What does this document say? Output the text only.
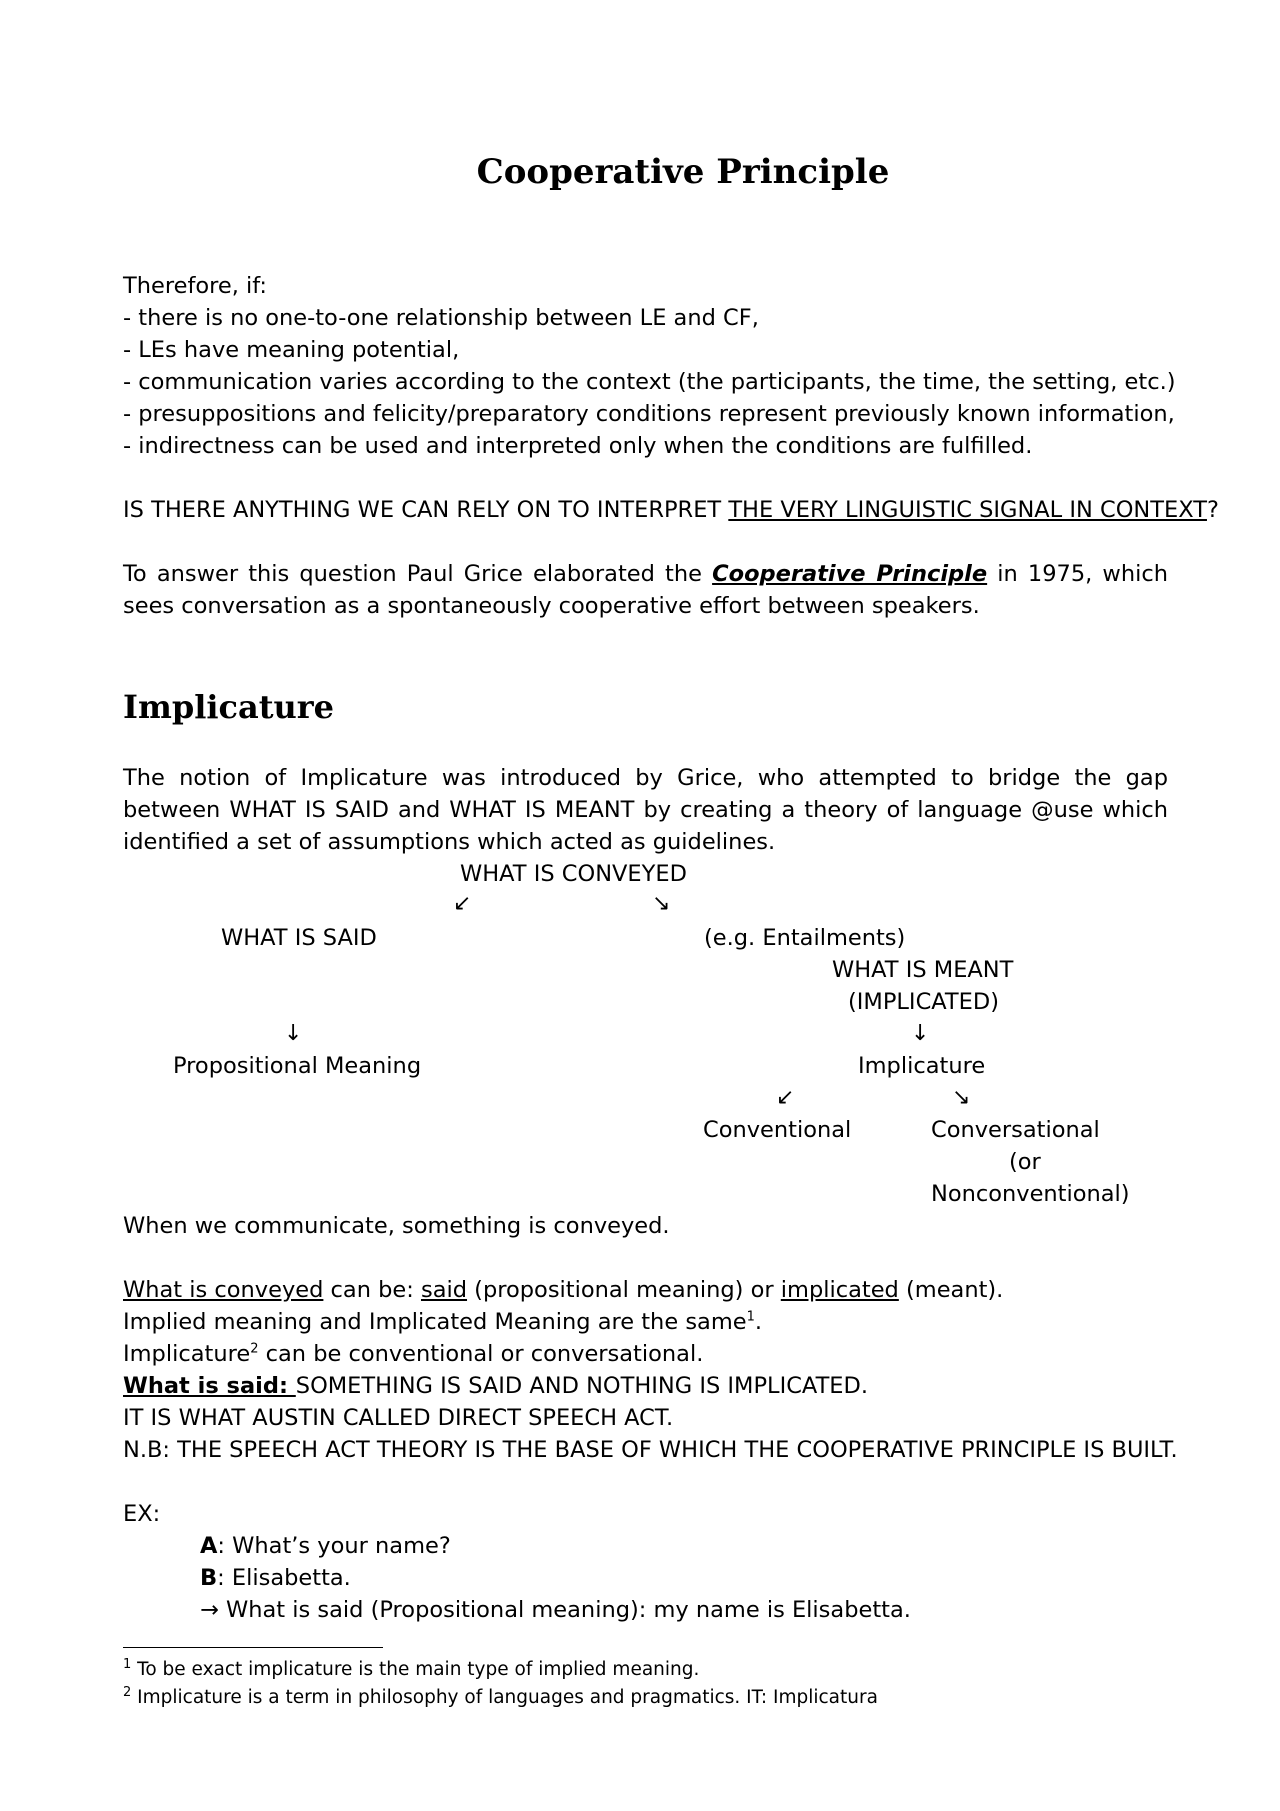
Cooperative Principle
Therefore, if:
- there is no one-to-one relationship between LE and CF,
- LEs have meaning potential,
- communication varies according to the context (the participants, the time, the setting, etc.)
- presuppositions and felicity/preparatory conditions represent previously known information,
- indirectness can be used and interpreted only when the conditions are fulfilled.
IS THERE ANYTHING WE CAN RELY ON TO INTERPRET THE VERY LINGUISTIC SIGNAL IN CONTEXT?
To answer this question Paul Grice elaborated the Cooperative Principle in 1975, which sees conversation as a spontaneously cooperative effort between speakers.
Implicature
The notion of Implicature was introduced by Grice, who attempted to bridge the gap between WHAT IS SAID and WHAT IS MEANT by creating a theory of language @use which identified a set of assumptions which acted as guidelines.
WHAT IS CONVEYED
↙	↘
WHAT IS SAID	(e.g. Entailments)
WHAT IS MEANT
(IMPLICATED)
↓	↓
Propositional Meaning	Implicature
↙	↘
Conventional	Conversational
(or
Nonconventional)
When we communicate, something is conveyed.
What is conveyed can be: said (propositional meaning) or implicated (meant).
Implied meaning and Implicated Meaning are the same$^1$.
Implicature$^2$ can be conventional or conversational.
What is said: SOMETHING IS SAID AND NOTHING IS IMPLICATED.
IT IS WHAT AUSTIN CALLED DIRECT SPEECH ACT.
N.B: THE SPEECH ACT THEORY IS THE BASE OF WHICH THE COOPERATIVE PRINCIPLE IS BUILT.
EX:
A: What’s your name?
B: Elisabetta.
→ What is said (Propositional meaning): my name is Elisabetta.
$^1$ To be exact implicature is the main type of implied meaning.
$^2$ Implicature is a term in philosophy of languages and pragmatics. IT: Implicatura
